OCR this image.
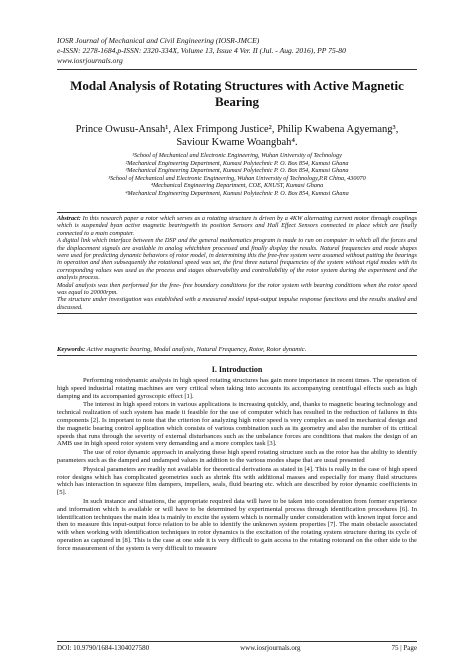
IOSR Journal of Mechanical and Civil Engineering (IOSR-JMCE)
e-ISSN: 2278-1684,p-ISSN: 2320-334X, Volume 13, Issue 4 Ver. II (Jul. - Aug. 2016), PP 75-80
www.iosrjournals.org
Modal Analysis of Rotating Structures with Active Magnetic
Bearing
Prince Owusu-Ansah¹, Alex Frimpong Justice², Philip Kwabena Agyemang³,
Saviour Kwame Woangbah⁴.
¹School of Mechanical and Electronic Engineering, Wuhan University of Technology
²Mechanical Engineering Department, Kumasi Polytechnic P. O. Box 854, Kumasi Ghana
³Mechanical Engineering Department, Kumasi Polytechnic P. O. Box 854, Kumasi Ghana
³School of Mechanical and Electronic Engineering, Wuhan University of Technology,P.R China, 430070
⁴Mechanical Engineering Department, COE, KNUST, Kumasi Ghana
⁴Mechanical Engineering Department, Kumasi Polytechnic P. O. Box 854, Kumasi Ghana

Abstract: In this research paper a rotor which serves as a rotating structure is driven by a 4KW alternating current motor through couplings which is suspended byan active magnetic bearingwith its position Sensors and Hall Effect Sensors connected in place which are finally connected to a main computer.

A digital link which interface between the DSP and the general mathematics program is made to run on computer in which all the forces and the displacement signals are available in analog whichthen processed and finally display the results. Natural frequencies and mode shapes were used for predicting dynamic behaviors of rotor model, in determining this the free-free system were assumed without putting the bearings in operation and then subsequently the rotational speed was set, the first three natural frequencies of the system without rigid modes with its corresponding values was used as the process and stages observability and controllability of the rotor system during the experiment and the analysis process.

Modal analysis was then performed for the free- free boundary conditions for the rotor system with bearing conditions when the rotor speed was equal to 20000rpm.

The structure under investigation was established with a measured model input-output impulse response functions and the results studied and discussed.

Keywords: Active magnetic bearing, Modal analysis, Natural Frequency, Rotor, Rotor dynamic.
I. Introduction

Performing rotodynamic analysis in high speed rotating structures has gain more importance in recent times. The operation of high speed industrial rotating machines are very critical when taking into accounts its accompanying centrifugal effects such as high damping and its accompanied gyroscopic effect [1].

The interest in high speed rotors in various applications is increasing quickly, and, thanks to magnetic bearing technology and technical realization of such system has made it feasible for the use of computer which has resulted in the reduction of failures in this components [2]. Is important to note that the criterion for analyzing high rotor speed is very complex as used in mechanical design and the magnetic bearing control application which consists of various combination such as its geometry and also the number of its critical speeds that runs through the severity of external disturbances such as the unbalance forces are conditions that makes the design of an AMB use in high speed rotor system very demanding and a more complex task [3].

The use of rotor dynamic approach in analyzing these high speed rotating structure such as the rotor has the ability to identify parameters such as the damped and undamped values in addition to the various modes shape that are usual presented

Physical parameters are readily not available for theoretical derivations as stated in [4]. This is really in the case of high speed rotor designs which has complicated geometries such as shrink fits with additional masses and especially for many fluid structures which has interaction in squeeze film dampers, impellers, seals, fluid bearing etc. which are described by rotor dynamic coefficients in [5].

In such instance and situations, the appropriate required data will have to be taken into consideration from former experience and information which is available or will have to be determined by experimental process through identification procedures [6]. In identification techniques the main idea is mainly to excite the system which is normally under consideration with known input force and then to measure this input-output force relation to be able to identify the unknown system properties [7]. The main obstacle associated with when working with identification techniques in rotor dynamics is the excitation of the rotating system structure during its cycle of operation as captured in [8]. This is the case at one side it is very difficult to gain access to the rotating rotorand on the other side to the force measurement of the system is very difficult to measure

DOI: 10.9790/1684-1304027580	www.iosrjournals.org	75 | Page
